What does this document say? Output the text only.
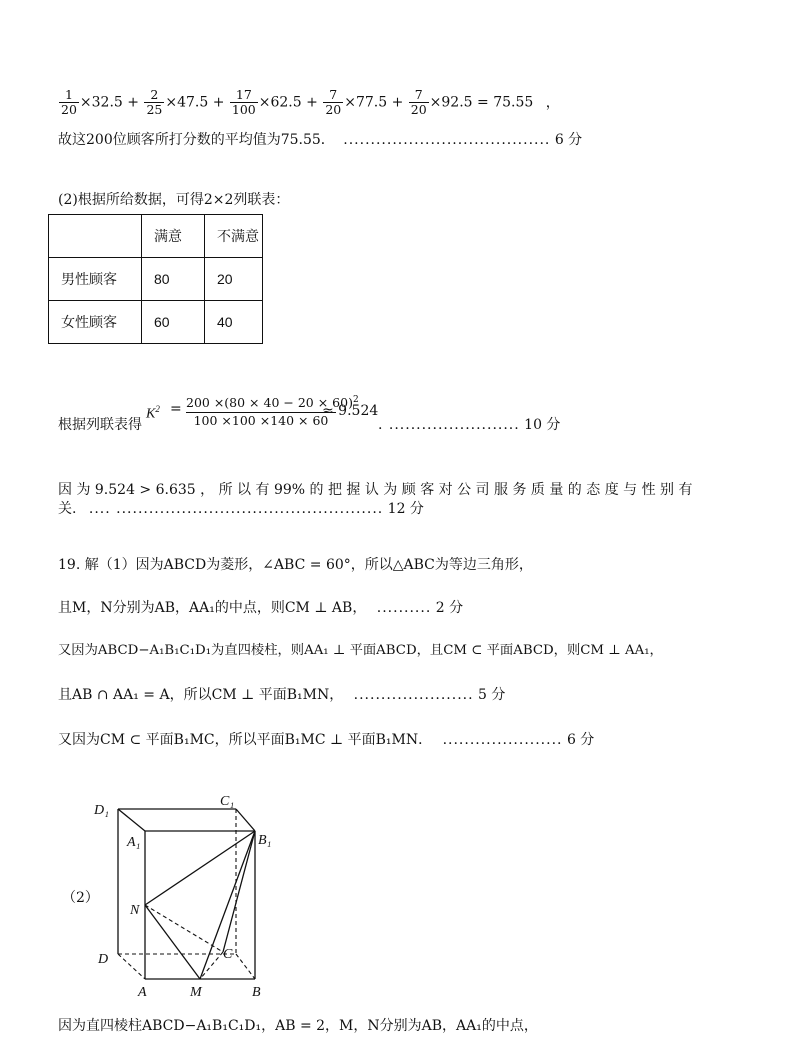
$\frac{1}{20} \times 32.5 + \frac{2}{25} \times 47.5 + \frac{17}{100} \times 62.5 + \frac{7}{20} \times 77.5 + \frac{7}{20} \times 92.5 = 75.55$ ，
故这200位顾客所打分数的平均值为75.55． ...................................... 6 分
(2)根据所给数据，可得2×2列联表：
	满意	不满意
男性顾客	80	20
女性顾客	60	40
根据列联表得
$K^2 = 200 \times(80 \times 40 - 20 \times 60)^2$
100 ×100 ×140 × 60
≈ 9.524
. ........................ 10 分
因 为 9.524 > 6.635 ， 所 以 有 99% 的 把 握 认 为 顾 客 对 公 司 服 务 质 量 的 态 度 与 性 别 有
关. .... ................................................. 12 分
19. 解（1）因为ABCD为菱形，∠ABC = 60°，所以△ABC为等边三角形，
且M，N分别为AB，AA₁的中点，则CM ⊥ AB， .......... 2 分
又因为ABCD−A₁B₁C₁D₁为直四棱柱，则AA₁ ⊥ 平面ABCD，且CM ⊂ 平面ABCD，则CM ⊥ AA₁，
且AB ∩ AA₁ = A，所以CM ⊥ 平面B₁MN， ...................... 5 分
又因为CM ⊂ 平面B₁MC，所以平面B₁MC ⊥ 平面B₁MN． ...................... 6 分
（2）
D₁
C₁
A₁	B₁
N
C
D
A	M	B
因为直四棱柱ABCD−A₁B₁C₁D₁，AB = 2，M，N分别为AB，AA₁的中点，
